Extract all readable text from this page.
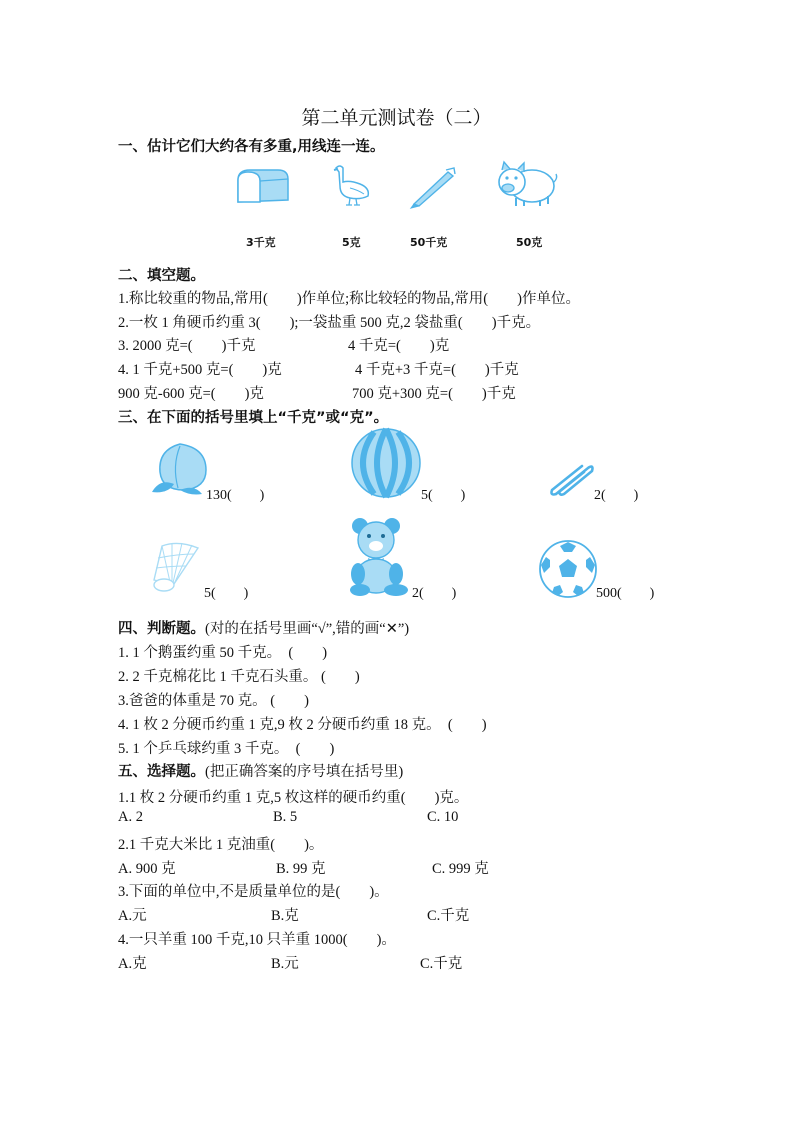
第二单元测试卷（二）
一、估计它们大约各有多重,用线连一连。
3千克	5克	50千克	50克
二、填空题。
1.称比较重的物品,常用(　　)作单位;称比较轻的物品,常用(　　)作单位。
2.一枚 1 角硬币约重 3(　　);一袋盐重 500 克,2 袋盐重(　　)千克。
3. 2000 克=(　　)千克	4 千克=(　　)克
4. 1 千克+500 克=(　　)克	4 千克+3 千克=(　　)千克
900 克-600 克=(　　)克	700 克+300 克=(　　)千克
三、在下面的括号里填上“千克”或“克”。
130(　　)	5(　　)	2(　　)
5(　　)	2(　　)	500(　　)
四、判断题。(对的在括号里画“√”,错的画“✕”)
1. 1 个鹅蛋约重 50 千克。　(　　)
2. 2 千克棉花比 1 千克石头重。 (　　)
3.爸爸的体重是 70 克。 (　　)
4. 1 枚 2 分硬币约重 1 克,9 枚 2 分硬币约重 18 克。　(　　)
5. 1 个乒乓球约重 3 千克。　(　　)
五、选择题。(把正确答案的序号填在括号里)
1.1 枚 2 分硬币约重 1 克,5 枚这样的硬币约重(　　)克。
A. 2	B. 5	C. 10
2.1 千克大米比 1 克油重(　　)。
A. 900 克	B. 99 克	C. 999 克
3.下面的单位中,不是质量单位的是(　　)。
A.元	B.克	C.千克
4.一只羊重 100 千克,10 只羊重 1000(　　)。
A.克	B.元	C.千克
